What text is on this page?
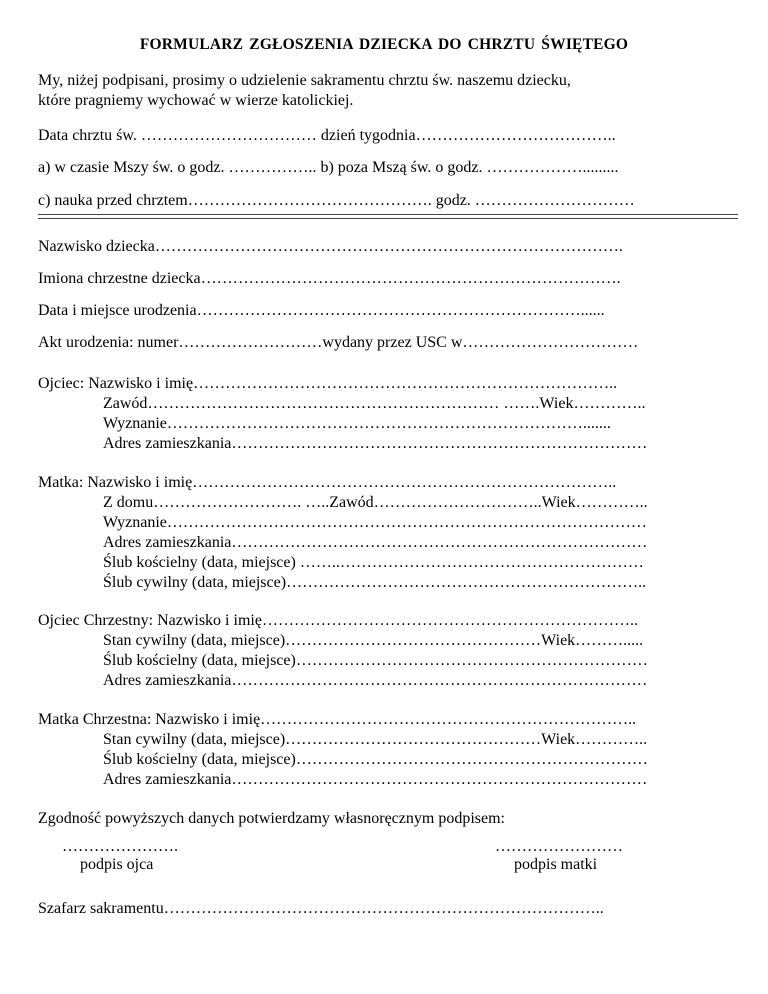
FORMULARZ ZGŁOSZENIA DZIECKA DO CHRZTU ŚWIĘTEGO
My, niżej podpisani, prosimy o udzielenie sakramentu chrztu św. naszemu dziecku,
które pragniemy wychować w wierze katolickiej.
Data chrztu św. …………………………… dzień tygodnia………………………………..
a) w czasie Mszy św. o godz. …………….. b) poza Mszą św. o godz. ……………….........
c) nauka przed chrztem………………………………………. godz. …………………………
Nazwisko dziecka…………………………………………………………………………….
Imiona chrzestne dziecka…………………………………………………………………….
Data i miejsce urodzenia………………………………………………………………......
Akt urodzenia: numer………………………wydany przez USC w……………………………
Ojciec: Nazwisko i imię……………………………………………………………………..
Zawód………………………………………………………… …….Wiek…………..
Wyznanie…………………………………………………………………….......
Adres zamieszkania……………………………………………………………………
Matka: Nazwisko i imię……………………………………………………………………..
Z domu………………………. …..Zawód…………………………..Wiek…………..
Wyznanie………………………………………………………………………………
Adres zamieszkania……………………………………………………………………
Ślub kościelny (data, miejsce) ……..…………………………………………………
Ślub cywilny (data, miejsce)…………………………………………………………..
Ojciec Chrzestny: Nazwisko i imię……………………………………………………………..
Stan cywilny (data, miejsce)…………………………………………Wiek……….....
Ślub kościelny (data, miejsce)…………………………………………………………
Adres zamieszkania……………………………………………………………………
Matka Chrzestna: Nazwisko i imię……………………………………………………………..
Stan cywilny (data, miejsce)…………………………………………Wiek…………..
Ślub kościelny (data, miejsce)…………………………………………………………
Adres zamieszkania……………………………………………………………………
Zgodność powyższych danych potwierdzamy własnoręcznym podpisem:
………………….
podpis ojca
……………………
podpis matki
Szafarz sakramentu………………………………………………………………………..
